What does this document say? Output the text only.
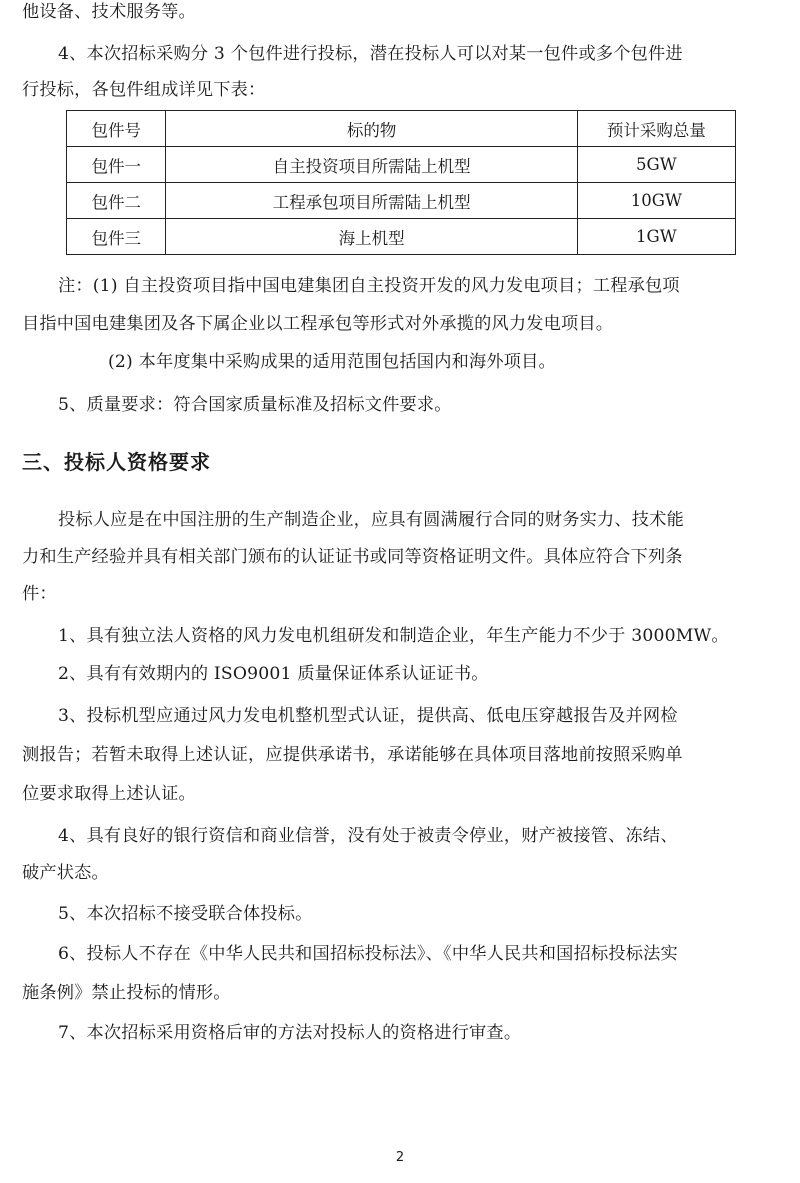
他设备、技术服务等。
4、本次招标采购分 3 个包件进行投标，潜在投标人可以对某一包件或多个包件进
行投标，各包件组成详见下表：
包件号	标的物	预计采购总量
包件一	自主投资项目所需陆上机型	5GW
包件二	工程承包项目所需陆上机型	10GW
包件三	海上机型	1GW
注：(1) 自主投资项目指中国电建集团自主投资开发的风力发电项目；工程承包项
目指中国电建集团及各下属企业以工程承包等形式对外承揽的风力发电项目。
(2) 本年度集中采购成果的适用范围包括国内和海外项目。
5、质量要求：符合国家质量标准及招标文件要求。
三、投标人资格要求
投标人应是在中国注册的生产制造企业，应具有圆满履行合同的财务实力、技术能
力和生产经验并具有相关部门颁布的认证证书或同等资格证明文件。具体应符合下列条
件：
1、具有独立法人资格的风力发电机组研发和制造企业，年生产能力不少于 3000MW。
2、具有有效期内的 ISO9001 质量保证体系认证证书。
3、投标机型应通过风力发电机整机型式认证，提供高、低电压穿越报告及并网检
测报告；若暂未取得上述认证，应提供承诺书，承诺能够在具体项目落地前按照采购单
位要求取得上述认证。
4、具有良好的银行资信和商业信誉，没有处于被责令停业，财产被接管、冻结、
破产状态。
5、本次招标不接受联合体投标。
6、投标人不存在《中华人民共和国招标投标法》、《中华人民共和国招标投标法实
施条例》禁止投标的情形。
7、本次招标采用资格后审的方法对投标人的资格进行审查。
2
